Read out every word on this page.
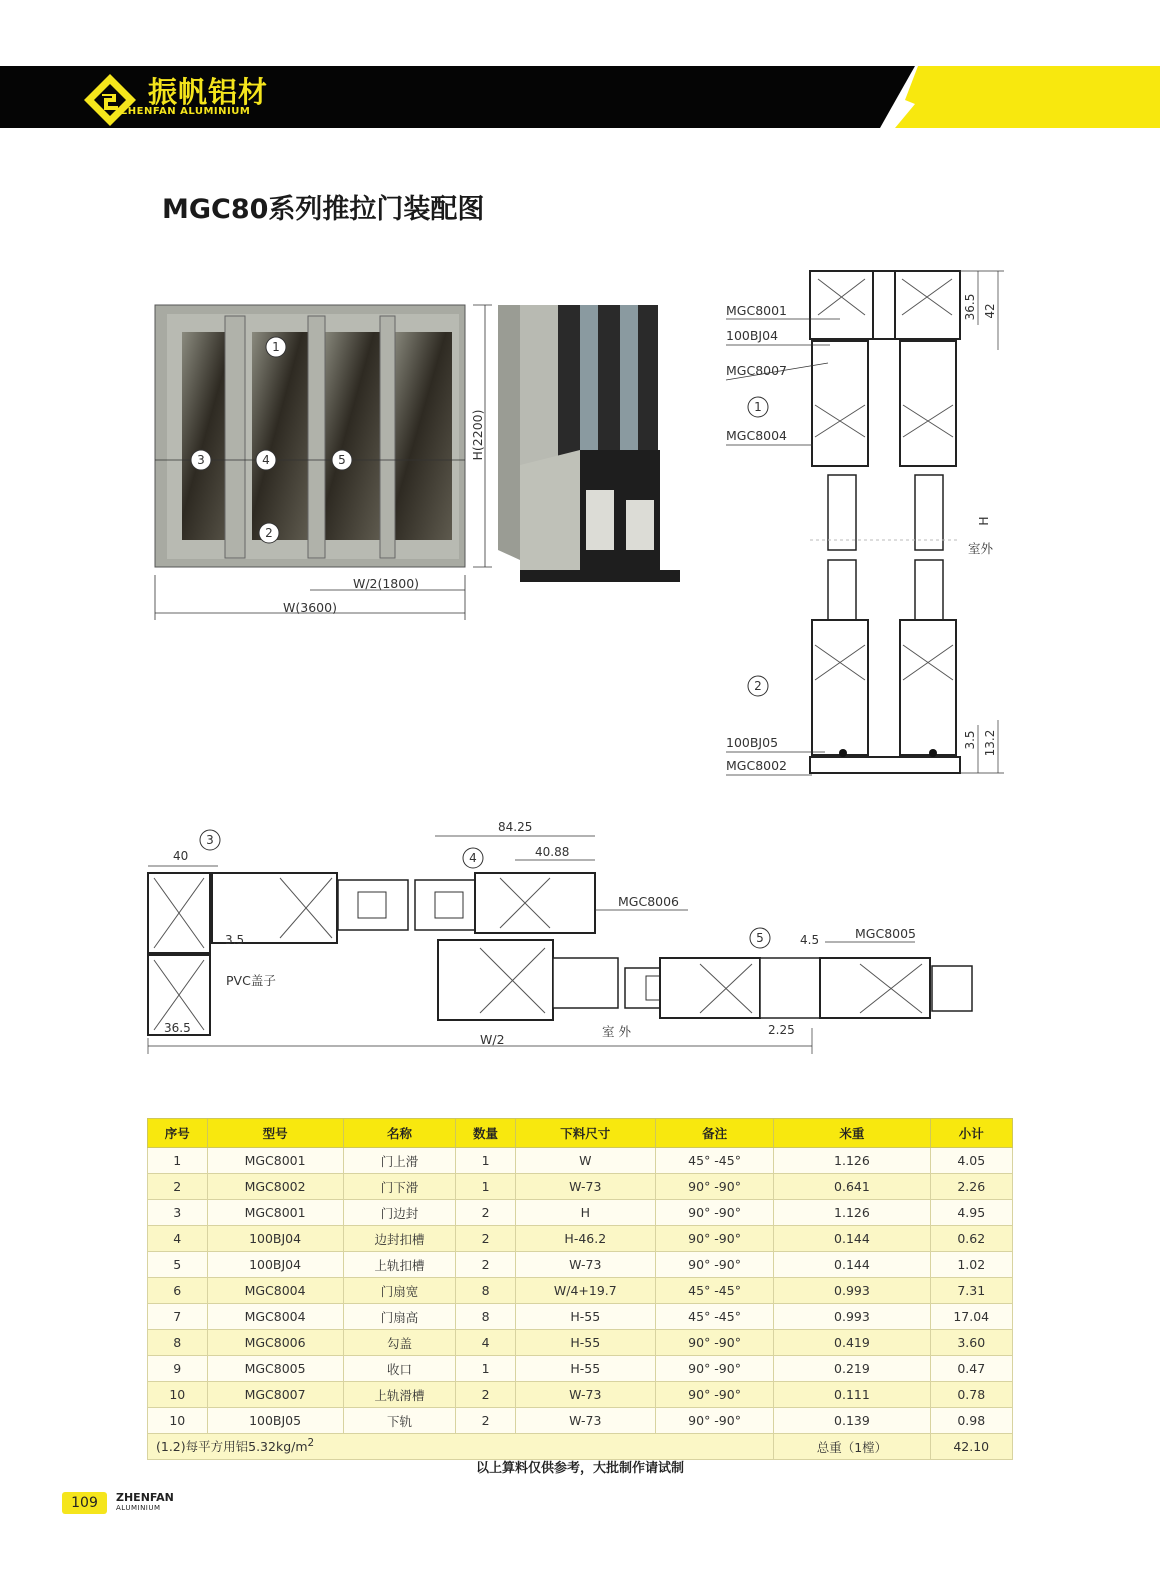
振帆铝材
ZHENFAN ALUMINIUM
MGC80系列推拉门装配图
1
2
3	4	5	H(2200)
W/2(1800)
W(3600)
MGC8001
100BJ04
MGC8007
1
MGC8004
2
100BJ05
MGC8002
36.5 42
H
室外
3.5 13.2
3
40
3.5
PVC盖子
36.5
84.25
4	40.88
MGC8006
室 外
5	4.5	MGC8005
2.25
W/2
序号	型号	名称	数量	下料尺寸	备注	米重	小计
1	MGC8001	门上滑	1	W	45° -45°	1.126	4.05
2	MGC8002	门下滑	1	W-73	90° -90°	0.641	2.26
3	MGC8001	门边封	2	H	90° -90°	1.126	4.95
4	100BJ04	边封扣槽	2	H-46.2	90° -90°	0.144	0.62
5	100BJ04	上轨扣槽	2	W-73	90° -90°	0.144	1.02
6	MGC8004	门扇宽	8	W/4+19.7	45° -45°	0.993	7.31
7	MGC8004	门扇高	8	H-55	45° -45°	0.993	17.04
8	MGC8006	勾盖	4	H-55	90° -90°	0.419	3.60
9	MGC8005	收口	1	H-55	90° -90°	0.219	0.47
10	MGC8007	上轨滑槽	2	W-73	90° -90°	0.111	0.78
10	100BJ05	下轨	2	W-73	90° -90°	0.139	0.98
(1.2)每平方用铝$5.32kg/m^2$						总重（1樘）	42.10
以上算料仅供参考，大批制作请试制
109	ZHENFAN
ALUMINIUM
